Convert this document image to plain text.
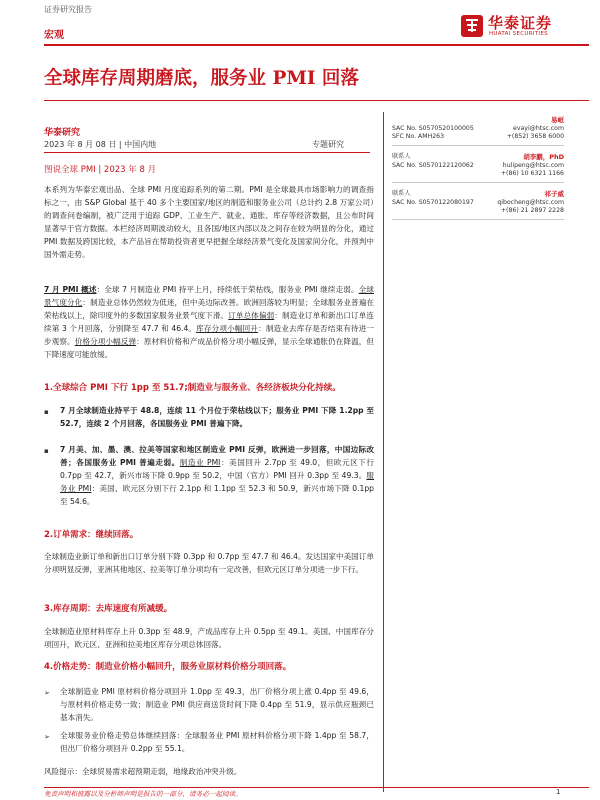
证券研究报告
宏观
华泰证券
HUATAI SECURITIES
全球库存周期磨底，服务业 PMI 回落
华泰研究
2023 年 8 月 08 日 | 中国内地	专题研究
易峘
SAC No. S0570520100005	evayi@htsc.com
SFC No. AMH263	+(852) 3658 6000
联系人	胡李鹏，PhD
SAC No. S0570122120062	hulipeng@htsc.com
+(86) 10 6321 1166
联系人	祁子威
SAC No. S0570122080197	qibocheng@htsc.com
+(86) 21 2897 2228
图说全球 PMI | 2023 年 8 月

本系列为华泰宏观出品、全球 PMI 月度追踪系列的第二期。PMI 是全球最具市场影响力的调查指标之一，由 S&P Global 基于 40 多个主要国家/地区的制造和服务业公司（总计约 2.8 万家公司）的调查问卷编制，被广泛用于追踪 GDP、工业生产、就业、通胀、库存等经济数据，且公布时间显著早于官方数据。本栏经济周期波动较大，且各国/地区内部以及之间存在较为明显的分化，通过 PMI 数据及跨国比较，本产品旨在帮助投资者更早把握全球经济景气变化及国家间分化，并预判中国外需走势。

7 月 PMI 概述：全球 7 月制造业 PMI 持平上月，持续低于荣枯线，服务业 PMI 继续走弱。全球景气度分化：制造业总体仍然较为低迷，但中美边际改善。欧洲回落较为明显；全球服务业普遍在荣枯线以上，除印度外的多数国家服务业景气度下滑。订单总体偏弱：制造业订单和新出口订单连续第 3 个月回落，分别降至 47.7 和 46.4。库存分项小幅回升：制造业去库存是否结束有待进一步观察。价格分项小幅反弹：原材料价格和产成品价格分项小幅反弹，显示全球通胀仍在降温，但下降速度可能放缓。

1.全球综合 PMI 下行 1pp 至 51.7;制造业与服务业、各经济板块分化持续。
▪	7 月全球制造业持平于 48.8，连续 11 个月位于荣枯线以下；服务业 PMI 下降 1.2pp 至 52.7，连续 2 个月回落，各国服务业 PMI 普遍下降。

▪	7 月美、加、墨、澳、拉美等国家和地区制造业 PMI 反弹，欧洲进一步回落，中国边际改善；各国服务业 PMI 普遍走弱。制造业 PMI：美国回升 2.7pp 至 49.0，但欧元区下行 0.7pp 至 42.7，新兴市场下降 0.9pp 至 50.2，中国（官方）PMI 回升 0.3pp 至 49.3。服务业 PMI：美国、欧元区分别下行 2.1pp 和 1.1pp 至 52.3 和 50.9，新兴市场下降 0.1pp 至 54.6。

2.订单需求：继续回落。

全球制造业新订单和新出口订单分别下降 0.3pp 和 0.7pp 至 47.7 和 46.4。发达国家中美国订单分项明显反弹，亚洲其他地区、拉美等订单分项均有一定改善，但欧元区订单分项进一步下行。

3.库存周期：去库速度有所减缓。

全球制造业原材料库存上升 0.3pp 至 48.9，产成品库存上升 0.5pp 至 49.1。美国、中国库存分项回升，欧元区、亚洲和拉美地区库存分项总体回落。

4.价格走势：制造业价格小幅回升，服务业原材料价格分项回落。
➢ 全球制造业 PMI 原材料价格分项回升 1.0pp 至 49.3，出厂价格分项上涨 0.4pp 至 49.6，与原材料价格走势一致；制造业 PMI 供应商送货时间下降 0.4pp 至 51.9，显示供应瓶颈已基本消失。

➢ 全球服务业价格走势总体继续回落：全球服务业 PMI 原材料价格分项下降 1.4pp 至 58.7，但出厂价格分项回升 0.2pp 至 55.1。

风险提示：全球贸易需求超预期走弱，地缘政治冲突升级。

免责声明和披露以及分析师声明是报告的一部分，请务必一起阅读。	1
